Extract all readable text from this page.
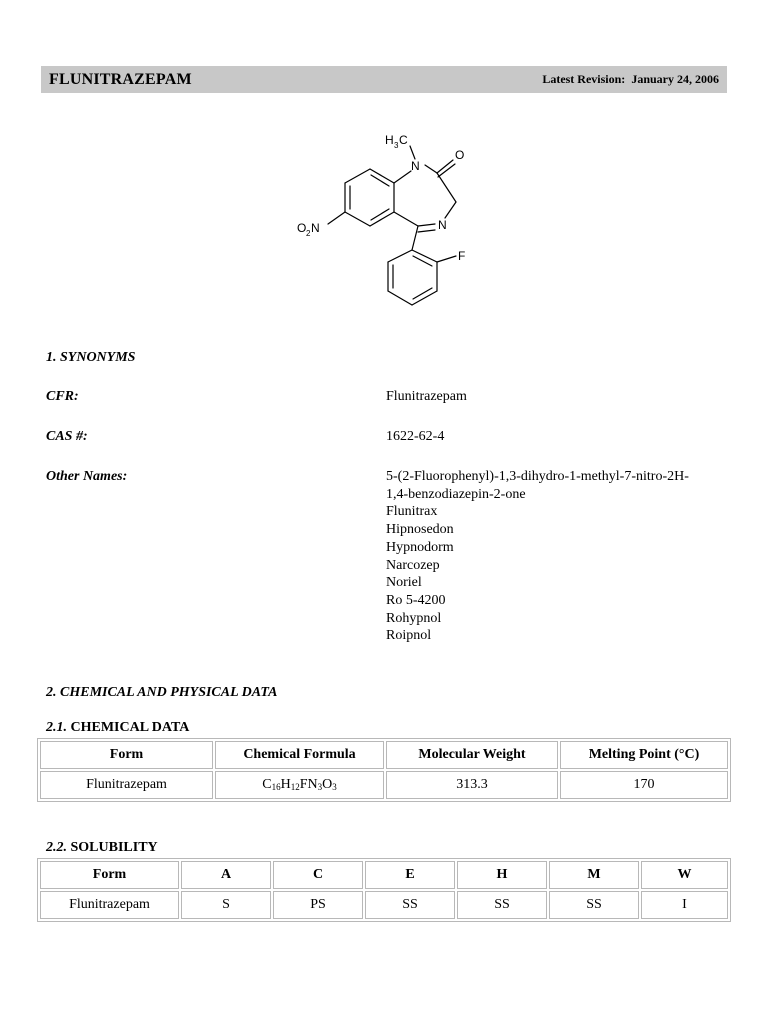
FLUNITRAZEPAM	Latest Revision: January 24, 2006
H 3 C
N
O
N
O 2 N
F
1. SYNONYMS
CFR:	Flunitrazepam
CAS #:	1622-62-4
Other Names:	5-(2-Fluorophenyl)-1,3-dihydro-1-methyl-7-nitro-2H-
1,4-benzodiazepin-2-one
Flunitrax
Hipnosedon
Hypnodorm
Narcozep
Noriel
Ro 5-4200
Rohypnol
Roipnol
2. CHEMICAL AND PHYSICAL DATA
2.1. CHEMICAL DATA
Form	Chemical Formula	Molecular Weight	Melting Point (°C)
Flunitrazepam	$C_{16}H_{12}FN_3O_3$	313.3	170
2.2. SOLUBILITY
Form	A	C	E	H	M	W
Flunitrazepam	S	PS	SS	SS	SS	I
